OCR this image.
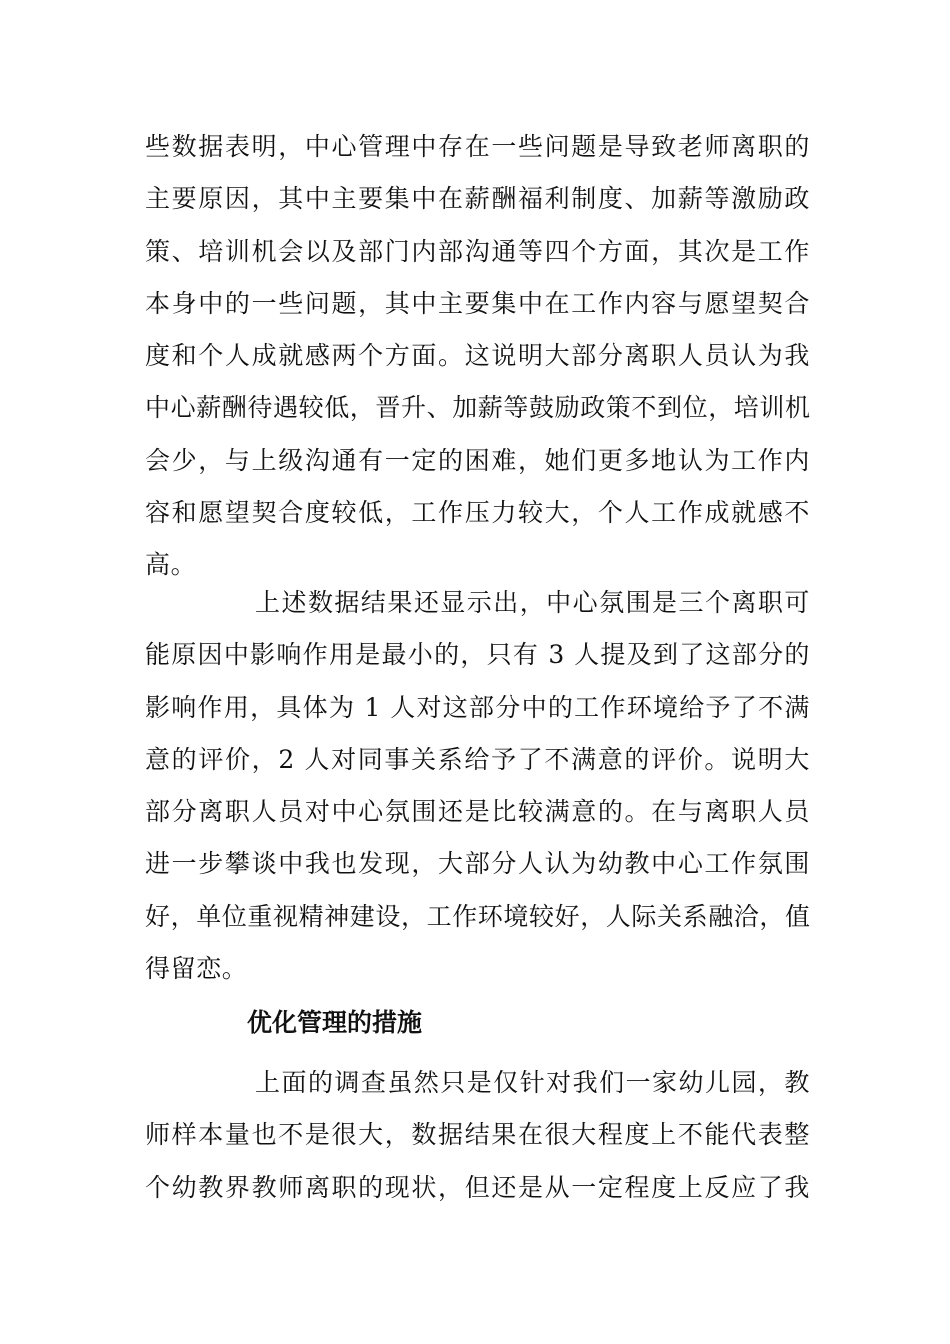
些数据表明，中心管理中存在一些问题是导致老师离职的
主要原因，其中主要集中在薪酬福利制度、加薪等激励政
策、培训机会以及部门内部沟通等四个方面，其次是工作
本身中的一些问题，其中主要集中在工作内容与愿望契合
度和个人成就感两个方面。这说明大部分离职人员认为我
中心薪酬待遇较低，晋升、加薪等鼓励政策不到位，培训机
会少，与上级沟通有一定的困难，她们更多地认为工作内
容和愿望契合度较低，工作压力较大，个人工作成就感不
高。
上述数据结果还显示出，中心氛围是三个离职可
能原因中影响作用是最小的，只有 3 人提及到了这部分的
影响作用，具体为 1 人对这部分中的工作环境给予了不满
意的评价，2 人对同事关系给予了不满意的评价。说明大
部分离职人员对中心氛围还是比较满意的。在与离职人员
进一步攀谈中我也发现，大部分人认为幼教中心工作氛围
好，单位重视精神建设，工作环境较好，人际关系融洽，值
得留恋。
优化管理的措施
上面的调查虽然只是仅针对我们一家幼儿园，教
师样本量也不是很大，数据结果在很大程度上不能代表整
个幼教界教师离职的现状，但还是从一定程度上反应了我
